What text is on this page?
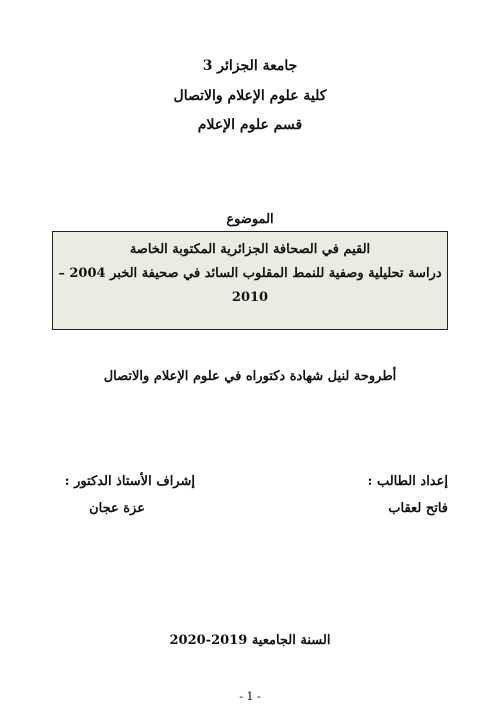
جامعة الجزائر 3
كلية علوم الإعلام والاتصال
قسم علوم الإعلام
الموضوع
القيم في الصحافة الجزائرية المكتوبة الخاصة
دراسة تحليلية وصفية للنمط المقلوب السائد في صحيفة الخبر 2004 –
2010
أطروحة لنيل شهادة دكتوراه في علوم الإعلام والاتصال
إعداد الطالب :
فاتح لعقاب
إشراف الأستاذ الدكتور :
عزة عجان
السنة الجامعية 2019-2020
- 1 -
